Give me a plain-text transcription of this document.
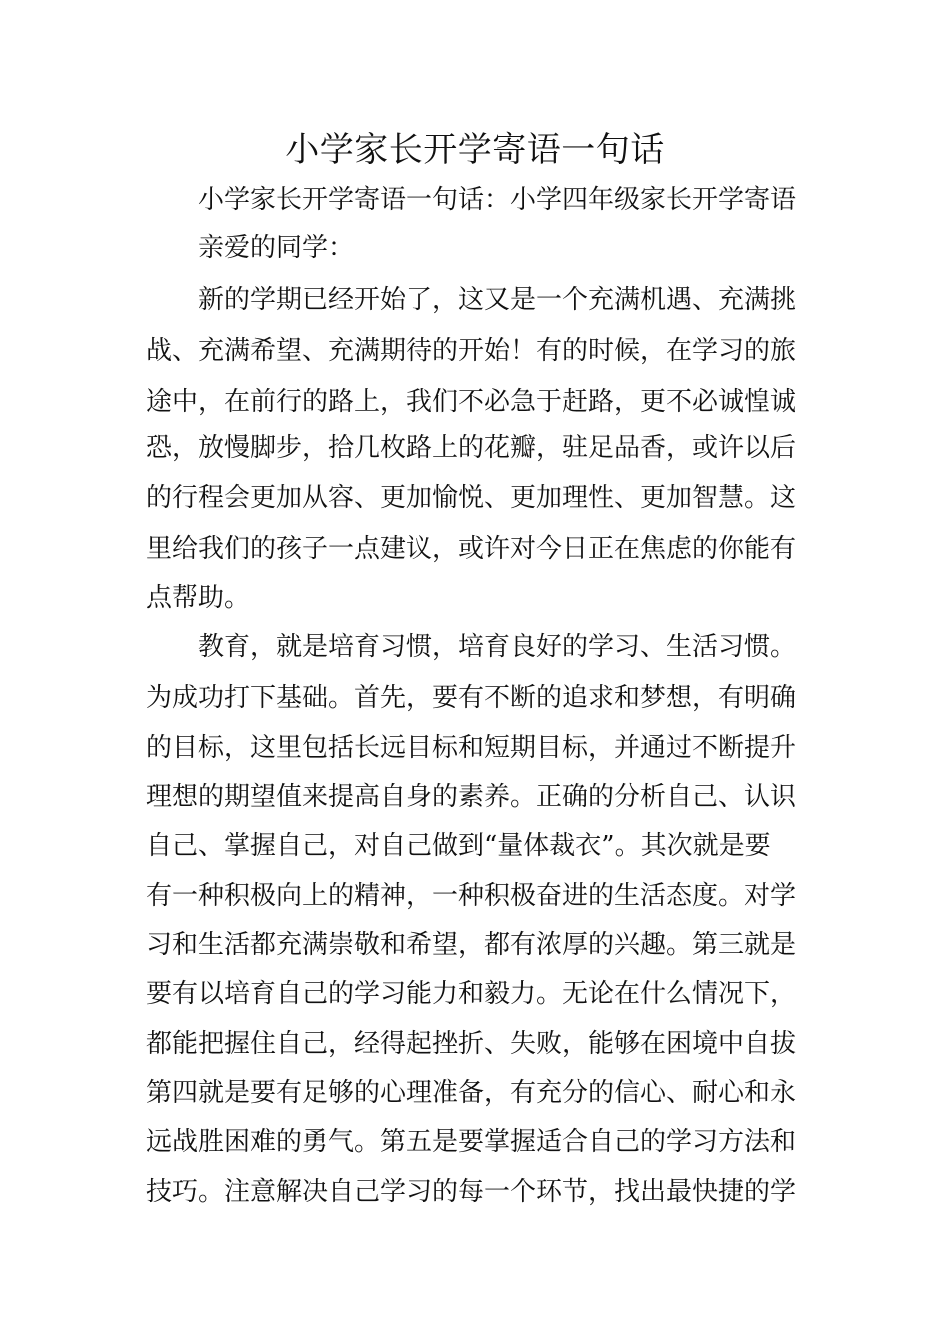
小学家长开学寄语一句话

小学家长开学寄语一句话：小学四年级家长开学寄语

亲爱的同学：

新的学期已经开始了，这又是一个充满机遇、充满挑

战、充满希望、充满期待的开始！有的时候，在学习的旅

途中，在前行的路上，我们不必急于赶路，更不必诚惶诚

恐，放慢脚步，拾几枚路上的花瓣，驻足品香，或许以后

的行程会更加从容、更加愉悦、更加理性、更加智慧。这

里给我们的孩子一点建议，或许对今日正在焦虑的你能有

点帮助。

教育，就是培育习惯，培育良好的学习、生活习惯。

为成功打下基础。首先，要有不断的追求和梦想，有明确

的目标，这里包括长远目标和短期目标，并通过不断提升

理想的期望值来提高自身的素养。正确的分析自己、认识

自己、掌握自己，对自己做到“量体裁衣”。其次就是要

有一种积极向上的精神，一种积极奋进的生活态度。对学

习和生活都充满崇敬和希望，都有浓厚的兴趣。第三就是

要有以培育自己的学习能力和毅力。无论在什么情况下，

都能把握住自己，经得起挫折、失败，能够在困境中自拔

第四就是要有足够的心理准备，有充分的信心、耐心和永

远战胜困难的勇气。第五是要掌握适合自己的学习方法和

技巧。注意解决自己学习的每一个环节，找出最快捷的学
